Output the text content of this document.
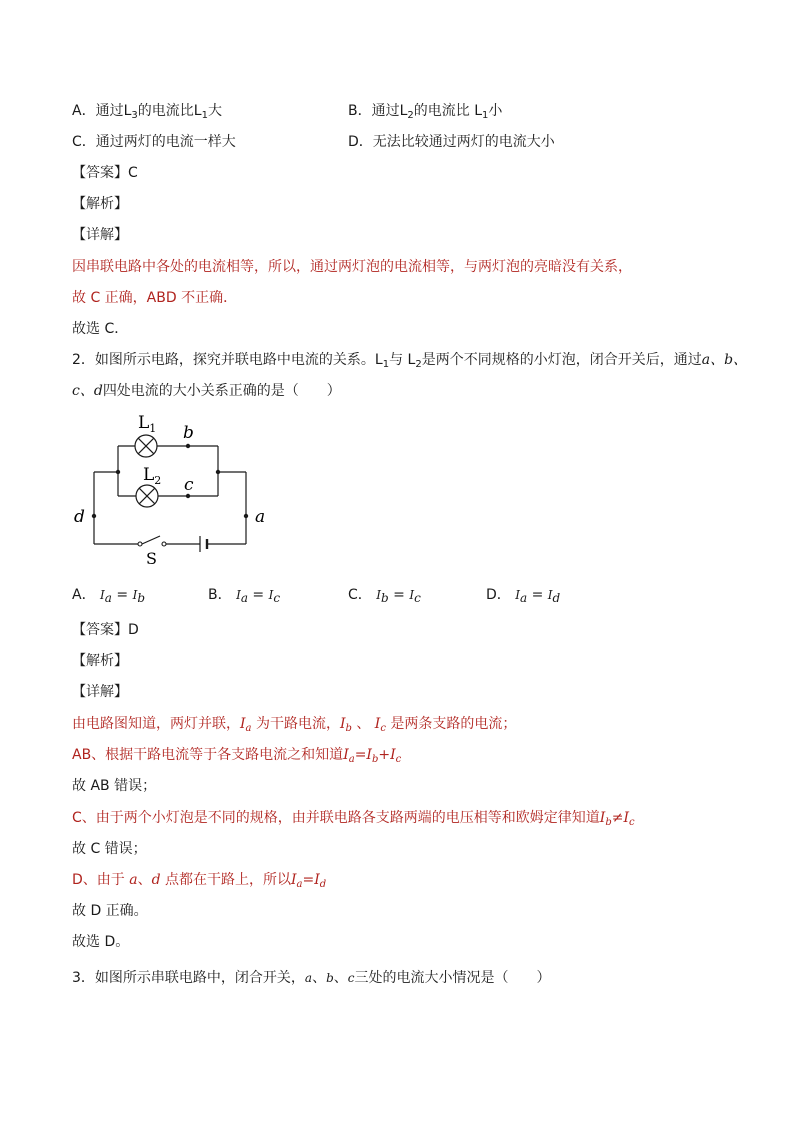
A．通过$L_3$的电流比$L_1$大	B．通过$L_2$的电流比 $L_1$小
C．通过两灯的电流一样大	D．无法比较通过两灯的电流大小
【答案】C
【解析】
【详解】
因串联电路中各处的电流相等，所以，通过两灯泡的电流相等，与两灯泡的亮暗没有关系，
故 C 正确，ABD 不正确．
故选 C．
2．如图所示电路，探究并联电路中电流的关系。$L_1$与 $L_2$是两个不同规格的小灯泡，闭合开关后，通过a、b、
c、d四处电流的大小关系正确的是（　　）
$L_1$
$L_2$
b
c
d	a
S
A． Ia = Ib	B． Ia = Ic	C． Ib = Ic	D． Ia = Id
【答案】D
【解析】
【详解】
由电路图知道，两灯并联，$I_a$ 为干路电流，$I_b$ 、 $I_c$ 是两条支路的电流；
AB、根据干路电流等于各支路电流之和知道$I_a=I_b+I_c$
故 AB 错误；
C、由于两个小灯泡是不同的规格，由并联电路各支路两端的电压相等和欧姆定律知道$I_b\ne I_c$
故 C 错误；
D、由于 a、d 点都在干路上，所以$I_a=I_d$
故 D 正确。
故选 D。
3．如图所示串联电路中，闭合开关，a、b、c三处的电流大小情况是（　　）
